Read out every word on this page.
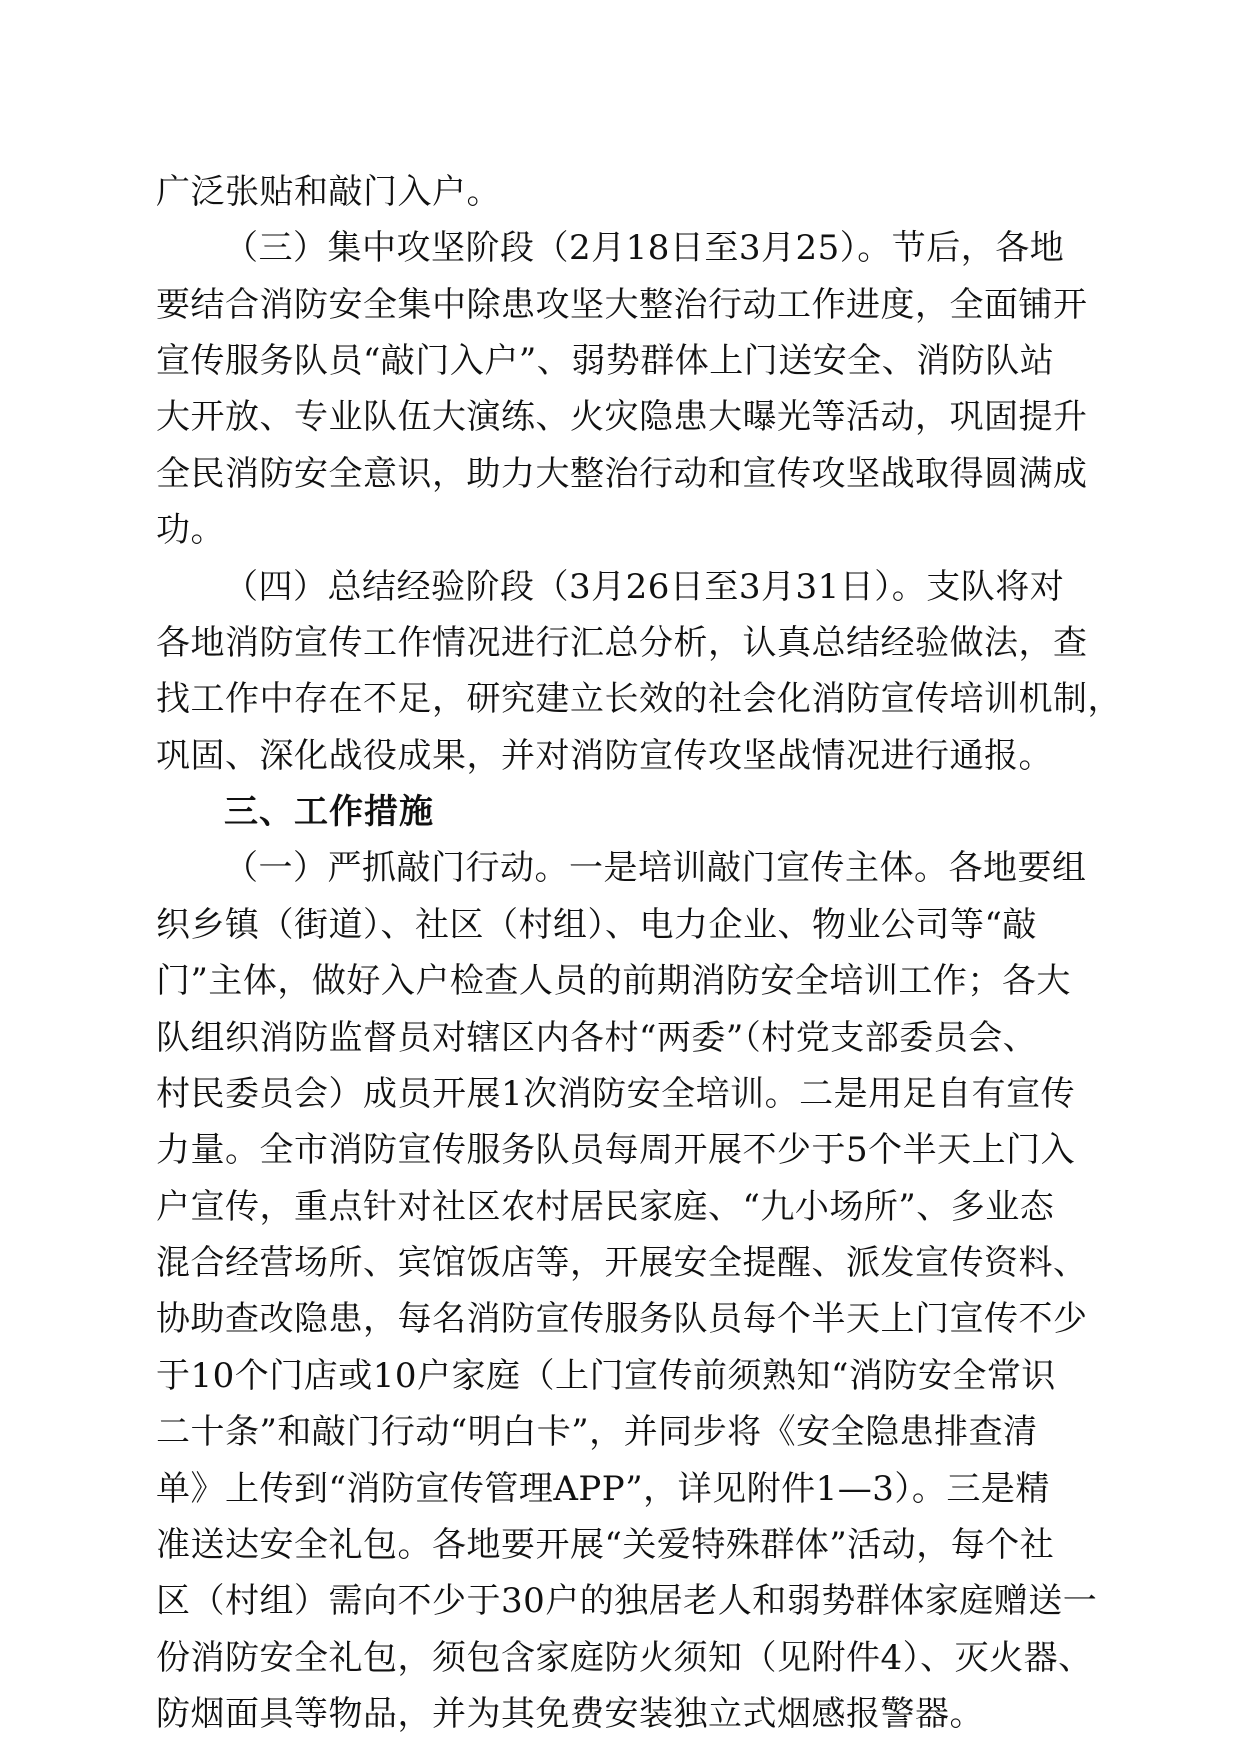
广泛张贴和敲门入户。

（三）集中攻坚阶段（2月18日至3月25）。节后，各地

要结合消防安全集中除患攻坚大整治行动工作进度，全面铺开

宣传服务队员“敲门入户”、弱势群体上门送安全、消防队站

大开放、专业队伍大演练、火灾隐患大曝光等活动，巩固提升

全民消防安全意识，助力大整治行动和宣传攻坚战取得圆满成

功。

（四）总结经验阶段（3月26日至3月31日）。支队将对

各地消防宣传工作情况进行汇总分析，认真总结经验做法，查

找工作中存在不足，研究建立长效的社会化消防宣传培训机制，

巩固、深化战役成果，并对消防宣传攻坚战情况进行通报。

三、工作措施

（一）严抓敲门行动。一是培训敲门宣传主体。各地要组

织乡镇（街道）、社区（村组）、电力企业、物业公司等“敲

门”主体，做好入户检查人员的前期消防安全培训工作；各大

队组织消防监督员对辖区内各村“两委”（村党支部委员会、

村民委员会）成员开展1次消防安全培训。二是用足自有宣传

力量。全市消防宣传服务队员每周开展不少于5个半天上门入

户宣传，重点针对社区农村居民家庭、“九小场所”、多业态

混合经营场所、宾馆饭店等，开展安全提醒、派发宣传资料、

协助查改隐患，每名消防宣传服务队员每个半天上门宣传不少

于10个门店或10户家庭（上门宣传前须熟知“消防安全常识

二十条”和敲门行动“明白卡”，并同步将《安全隐患排查清

单》上传到“消防宣传管理APP”，详见附件1—3）。三是精

准送达安全礼包。各地要开展“关爱特殊群体”活动，每个社

区（村组）需向不少于30户的独居老人和弱势群体家庭赠送一

份消防安全礼包，须包含家庭防火须知（见附件4）、灭火器、

防烟面具等物品，并为其免费安装独立式烟感报警器。
